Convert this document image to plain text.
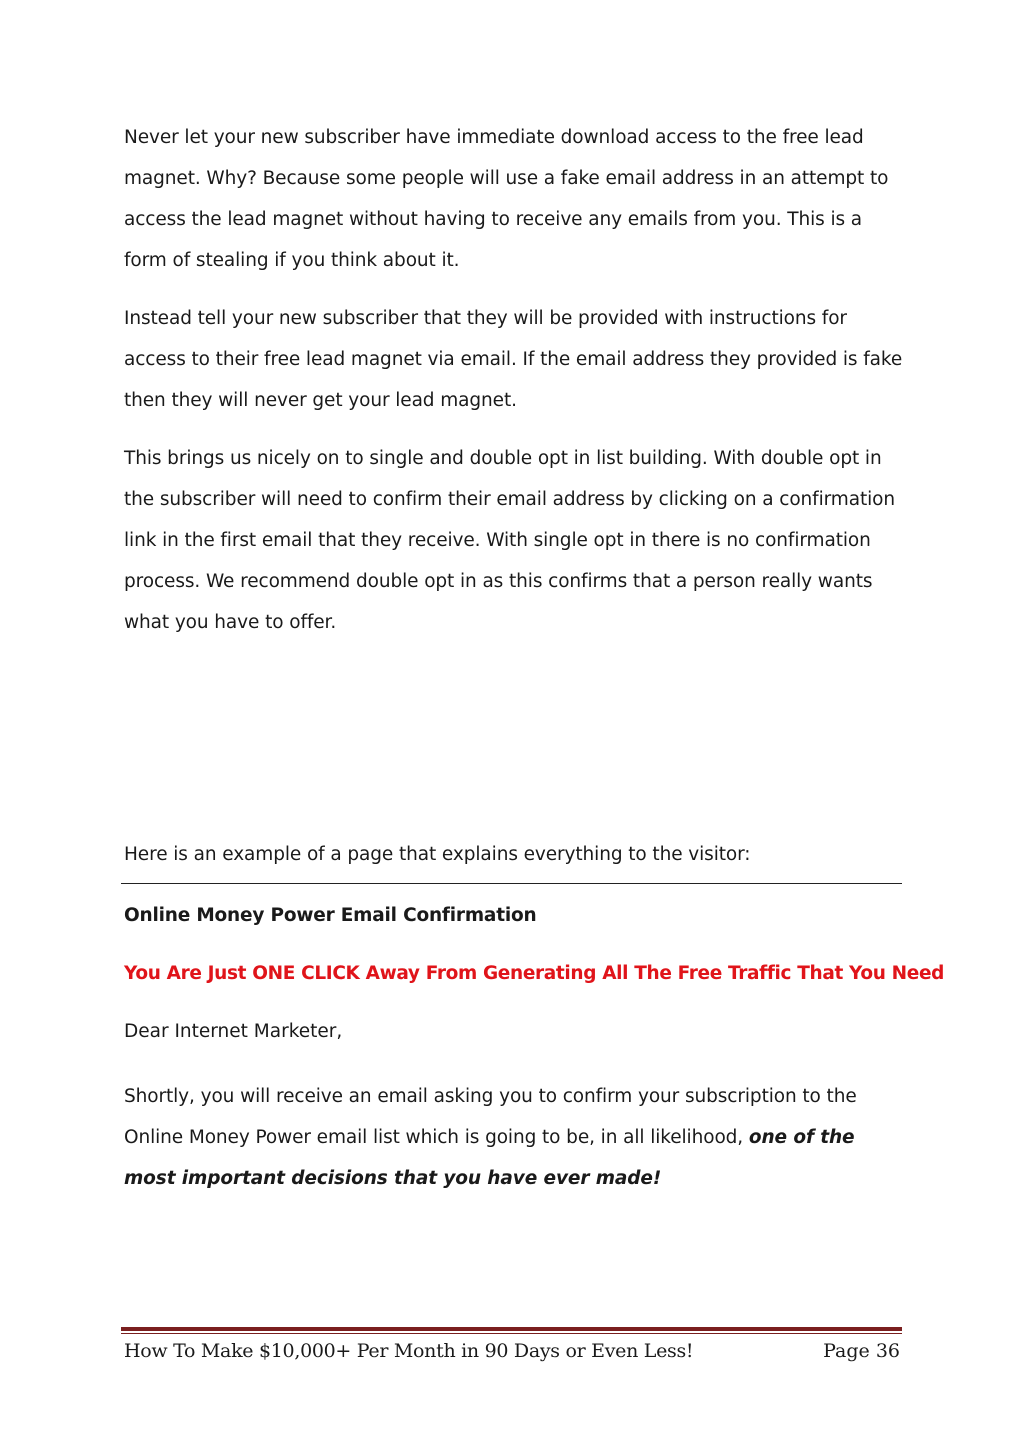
Never let your new subscriber have immediate download access to the free lead magnet. Why? Because some people will use a fake email address in an attempt to access the lead magnet without having to receive any emails from you. This is a form of stealing if you think about it.

Instead tell your new subscriber that they will be provided with instructions for access to their free lead magnet via email. If the email address they provided is fake then they will never get your lead magnet.

This brings us nicely on to single and double opt in list building. With double opt in the subscriber will need to confirm their email address by clicking on a confirmation link in the first email that they receive. With single opt in there is no confirmation process. We recommend double opt in as this confirms that a person really wants what you have to offer.

Here is an example of a page that explains everything to the visitor:

Online Money Power Email Confirmation

You Are Just ONE CLICK Away From Generating All The Free Traffic That You Need

Dear Internet Marketer,

Shortly, you will receive an email asking you to confirm your subscription to the Online Money Power email list which is going to be, in all likelihood, one of the most important decisions that you have ever made!

How To Make $10,000+ Per Month in 90 Days or Even Less!	Page 36
